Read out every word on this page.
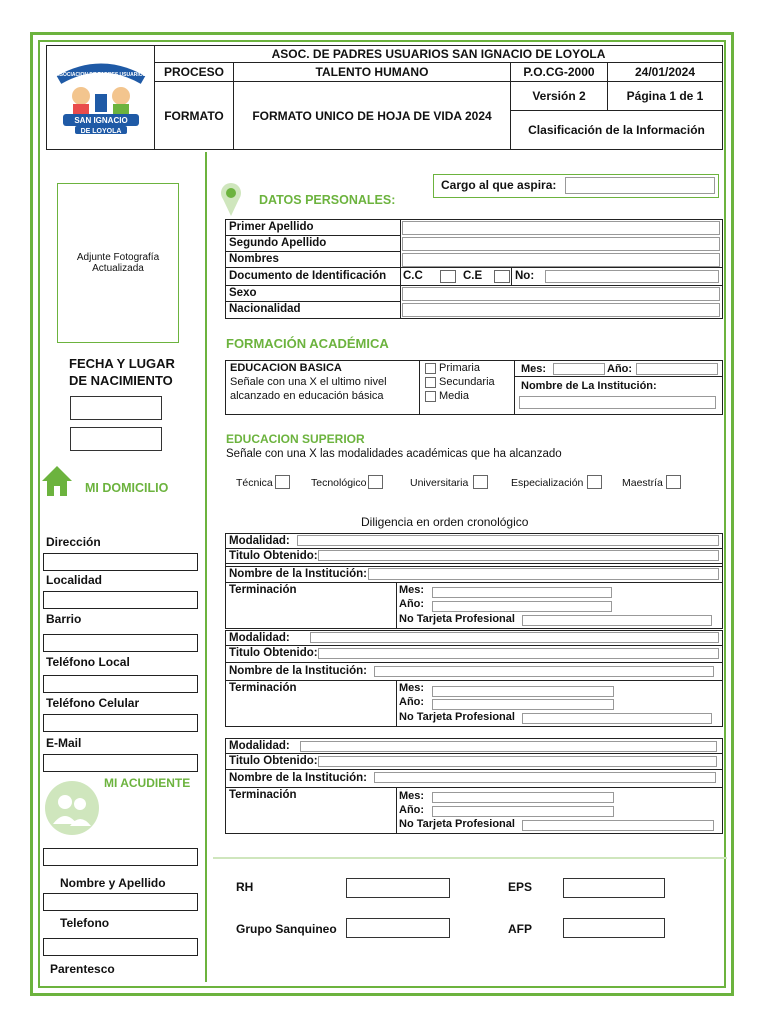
ASOCIACION DE PADRES USUARIOS
SAN IGNACIO
DE LOYOLA
ASOC. DE PADRES USUARIOS SAN IGNACIO DE LOYOLA
PROCESO	TALENTO HUMANO	P.O.CG-2000	24/01/2024
FORMATO	FORMATO UNICO DE HOJA DE VIDA 2024
Versión 2	Página 1 de 1
Clasificación de la Información
Adjunte Fotografía Actualizada
FECHA Y LUGAR
DE NACIMIENTO
MI DOMICILIO
Dirección
Localidad
Barrio
Teléfono Local
Teléfono Celular
E-Mail
MI ACUDIENTE
Nombre y Apellido
Telefono
Parentesco
DATOS PERSONALES:
Cargo al que aspira:
Primer Apellido
Segundo Apellido
Nombres
Documento de Identificación	C.C	C.E	No:
Sexo
Nacionalidad
FORMACIÓN ACADÉMICA
EDUCACION BASICA
Señale con una X el ultimo nivel
alcanzado en educación básica
Primaria
Secundaria
Media
Mes:	Año:
Nombre de La Institución:
EDUCACION SUPERIOR
Señale con una X las modalidades académicas que ha alcanzado
Técnica	Tecnológico	Universitaria	Especialización	Maestría
Diligencia en orden cronológico
Modalidad:
Titulo Obtenido:
Nombre de la Institución:
Terminación	Mes:
Año:
No Tarjeta Profesional
Modalidad:
Titulo Obtenido:
Nombre de la Institución:
Terminación	Mes:
Año:
No Tarjeta Profesional
Modalidad:
Titulo Obtenido:
Nombre de la Institución:
Terminación	Mes:
Año:
No Tarjeta Profesional
RH	EPS
Grupo Sanquineo	AFP
